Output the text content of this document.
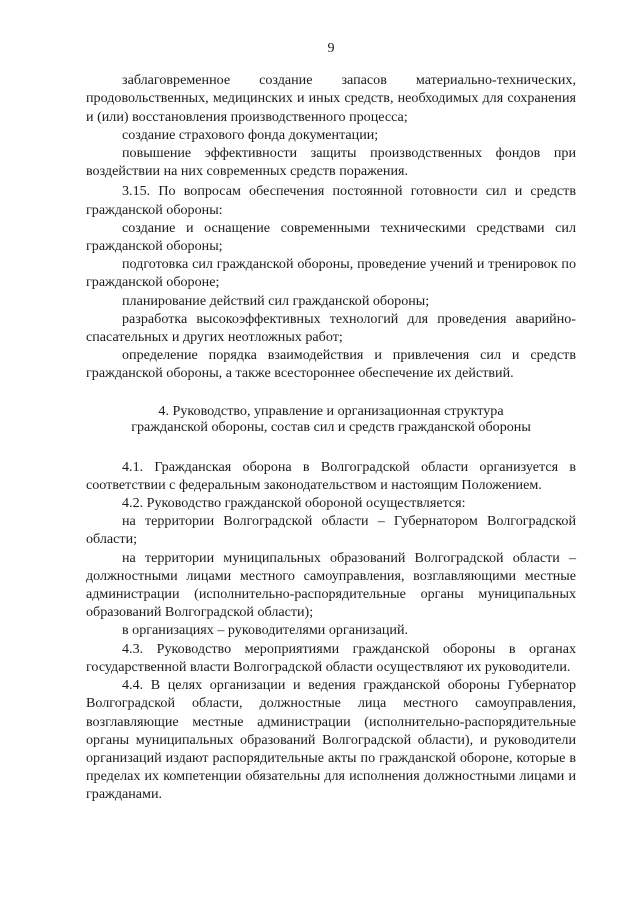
9

заблаговременное создание запасов материально-технических, продовольственных, медицинских и иных средств, необходимых для сохранения и (или) восстановления производственного процесса;

создание страхового фонда документации;

повышение эффективности защиты производственных фондов при воздействии на них современных средств поражения.

3.15. По вопросам обеспечения постоянной готовности сил и средств гражданской обороны:

создание и оснащение современными техническими средствами сил гражданской обороны;

подготовка сил гражданской обороны, проведение учений и тренировок по гражданской обороне;

планирование действий сил гражданской обороны;

разработка высокоэффективных технологий для проведения аварийно-спасательных и других неотложных работ;

определение порядка взаимодействия и привлечения сил и средств гражданской обороны, а также всестороннее обеспечение их действий.

4. Руководство, управление и организационная структура
гражданской обороны, состав сил и средств гражданской обороны

4.1. Гражданская оборона в Волгоградской области организуется в соответствии с федеральным законодательством и настоящим Положением.

4.2. Руководство гражданской обороной осуществляется:

на территории Волгоградской области – Губернатором Волгоградской области;

на территории муниципальных образований Волгоградской области – должностными лицами местного самоуправления, возглавляющими местные администрации (исполнительно-распорядительные органы муниципальных образований Волгоградской области);

в организациях – руководителями организаций.

4.3. Руководство мероприятиями гражданской обороны в органах государственной власти Волгоградской области осуществляют их руководители.

4.4. В целях организации и ведения гражданской обороны Губернатор Волгоградской области, должностные лица местного самоуправления, возглавляющие местные администрации (исполнительно-распорядительные органы муниципальных образований Волгоградской области), и руководители организаций издают распорядительные акты по гражданской обороне, которые в пределах их компетенции обязательны для исполнения должностными лицами и гражданами.
